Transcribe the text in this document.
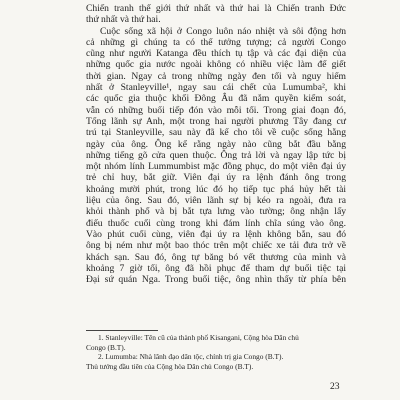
Chiến tranh thế giới thứ nhất và thứ hai là Chiến tranh Đức

thứ nhất và thứ hai.

Cuộc sống xã hội ở Congo luôn náo nhiệt và sôi động hơn

cả những gì chúng ta có thể tưởng tượng; cả người Congo

cũng như người Katanga đều thích tụ tập và các đại diện của

những quốc gia nước ngoài không có nhiều việc làm để giết

thời gian. Ngay cả trong những ngày đen tối và nguy hiểm

nhất ở Stanleyville¹, ngay sau cái chết của Lumumba², khi

các quốc gia thuộc khối Đông Âu đã nắm quyền kiểm soát,

vẫn có những buổi tiếp đón vào mỗi tối. Trong giai đoạn đó,

Tổng lãnh sự Anh, một trong hai người phương Tây đang cư

trú tại Stanleyville, sau này đã kể cho tôi về cuộc sống hằng

ngày của ông. Ông kể rằng ngày nào cũng bắt đầu bằng

những tiếng gõ cửa quen thuộc. Ông trả lời và ngay lập tức bị

một nhóm lính Lummumbist mặc đồng phục, do một viên đại úy

trẻ chỉ huy, bắt giữ. Viên đại úy ra lệnh đánh ông trong

khoảng mười phút, trong lúc đó họ tiếp tục phá hủy hết tài

liệu của ông. Sau đó, viên lãnh sự bị kéo ra ngoài, đưa ra

khỏi thành phố và bị bắt tựa lưng vào tường; ông nhận lấy

điếu thuốc cuối cùng trong khi đám lính chĩa súng vào ông.

Vào phút cuối cùng, viên đại úy ra lệnh không bắn, sau đó

ông bị ném như một bao thóc trên một chiếc xe tải đưa trở về

khách sạn. Sau đó, ông tự băng bó vết thương của mình và

khoảng 7 giờ tối, ông đã hồi phục để tham dự buổi tiệc tại

Đại sứ quán Nga. Trong buổi tiệc, ông nhìn thấy từ phía bên

1. Stanleyville: Tên cũ của thành phố Kisangani, Cộng hòa Dân chủ

Congo (B.T).

2. Lumumba: Nhà lãnh đạo dân tộc, chính trị gia Congo (B.T).

Thủ tướng đầu tiên của Cộng hòa Dân chủ Congo (B.T).

23
